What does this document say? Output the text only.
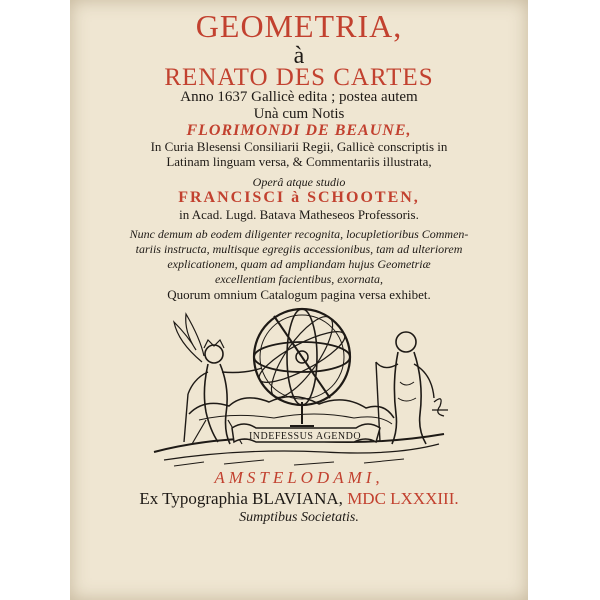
GEOMETRIA,
à
RENATO DES CARTES
Anno 1637 Gallicè edita ; postea autem
Unà cum Notis
FLORIMONDI DE BEAUNE,
In Curia Blesensi Consiliarii Regii, Gallicè conscriptis in
Latinam linguam versa, & Commentariis illustrata,
Operâ atque studio
FRANCISCI à SCHOOTEN,
in Acad. Lugd. Batava Matheseos Professoris.
Nunc demum ab eodem diligenter recognita, locupletioribus Commen-
tariis instructa, multisque egregiis accessionibus, tam ad ulteriorem
explicationem, quam ad ampliandam hujus Geometriæ
excellentiam facientibus, exornata,
Quorum omnium Catalogum pagina versa exhibet.
INDEFESSUS AGENDO
AMSTELODAMI,
Ex Typographia BLAVIANA, MDC LXXXIII.
Sumptibus Societatis.
